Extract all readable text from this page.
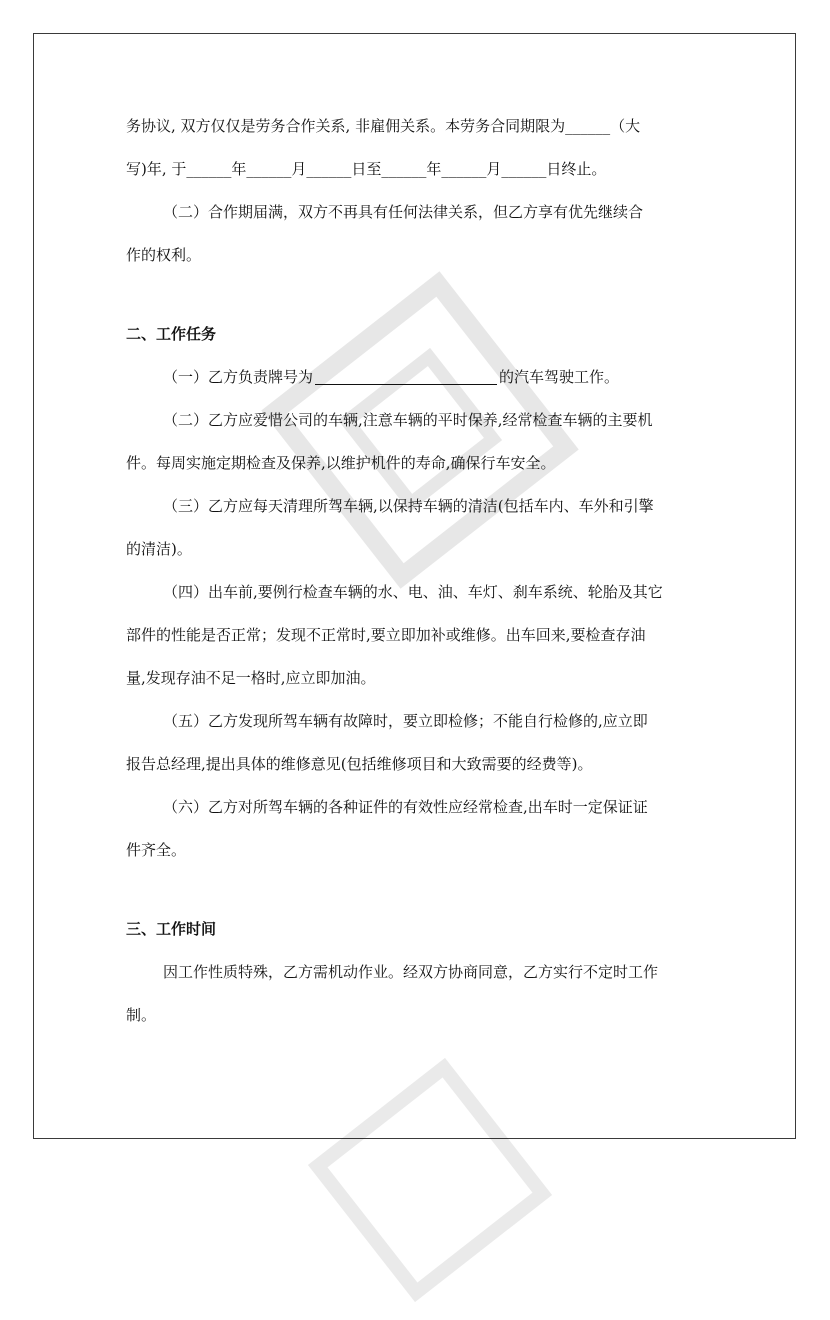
务协议, 双方仅仅是劳务合作关系, 非雇佣关系。本劳务合同期限为______（大
写)年, 于______年______月______日至______年______月______日终止。
（二）合作期届满，双方不再具有任何法律关系，但乙方享有优先继续合
作的权利。
二、工作任务
（一）乙方负责牌号为	的汽车驾驶工作。
（二）乙方应爱惜公司的车辆,注意车辆的平时保养,经常检查车辆的主要机
件。每周实施定期检查及保养,以维护机件的寿命,确保行车安全。
（三）乙方应每天清理所驾车辆,以保持车辆的清洁(包括车内、车外和引擎
的清洁)。
（四）出车前,要例行检查车辆的水、电、油、车灯、刹车系统、轮胎及其它
部件的性能是否正常；发现不正常时,要立即加补或维修。出车回来,要检查存油
量,发现存油不足一格时,应立即加油。
（五）乙方发现所驾车辆有故障时，要立即检修；不能自行检修的,应立即
报告总经理,提出具体的维修意见(包括维修项目和大致需要的经费等)。
（六）乙方对所驾车辆的各种证件的有效性应经常检查,出车时一定保证证
件齐全。
三、工作时间
因工作性质特殊，乙方需机动作业。经双方协商同意，乙方实行不定时工作
制。
